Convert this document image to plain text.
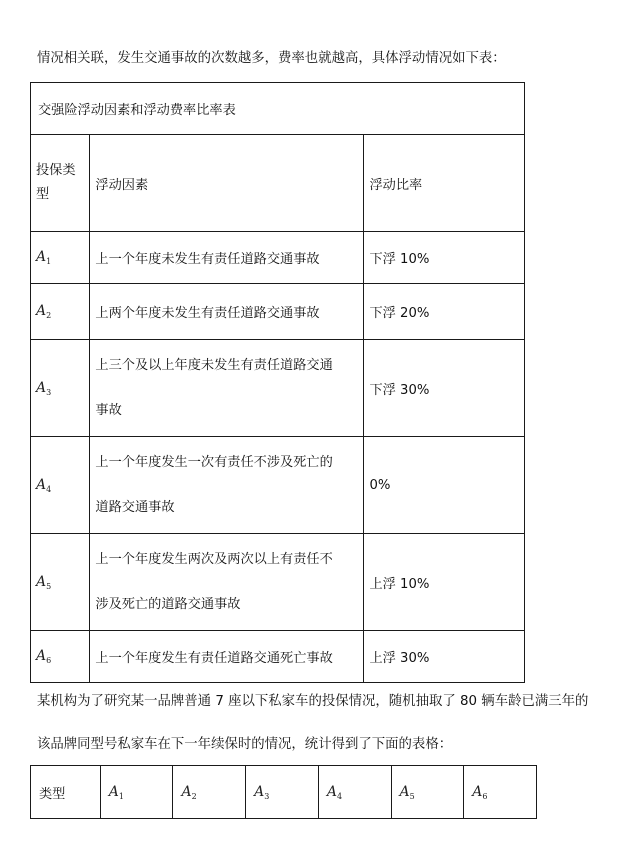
情况相关联，发生交通事故的次数越多，费率也就越高，具体浮动情况如下表：
交强险浮动因素和浮动费率比率表		
投保类
型	浮动因素	浮动比率
$A_1$	上一个年度未发生有责任道路交通事故	下浮 10%
$A_2$	上两个年度未发生有责任道路交通事故	下浮 20%
$A_3$	上三个及以上年度未发生有责任道路交通
事故	下浮 30%
$A_4$	上一个年度发生一次有责任不涉及死亡的
道路交通事故	0%
$A_5$	上一个年度发生两次及两次以上有责任不
涉及死亡的道路交通事故	上浮 10%
$A_6$	上一个年度发生有责任道路交通死亡事故	上浮 30%
某机构为了研究某一品牌普通 7 座以下私家车的投保情况，随机抽取了 80 辆车龄已满三年的
该品牌同型号私家车在下一年续保时的情况，统计得到了下面的表格：
类型	$A_1$	$A_2$	$A_3$	$A_4$	$A_5$	$A_6$
